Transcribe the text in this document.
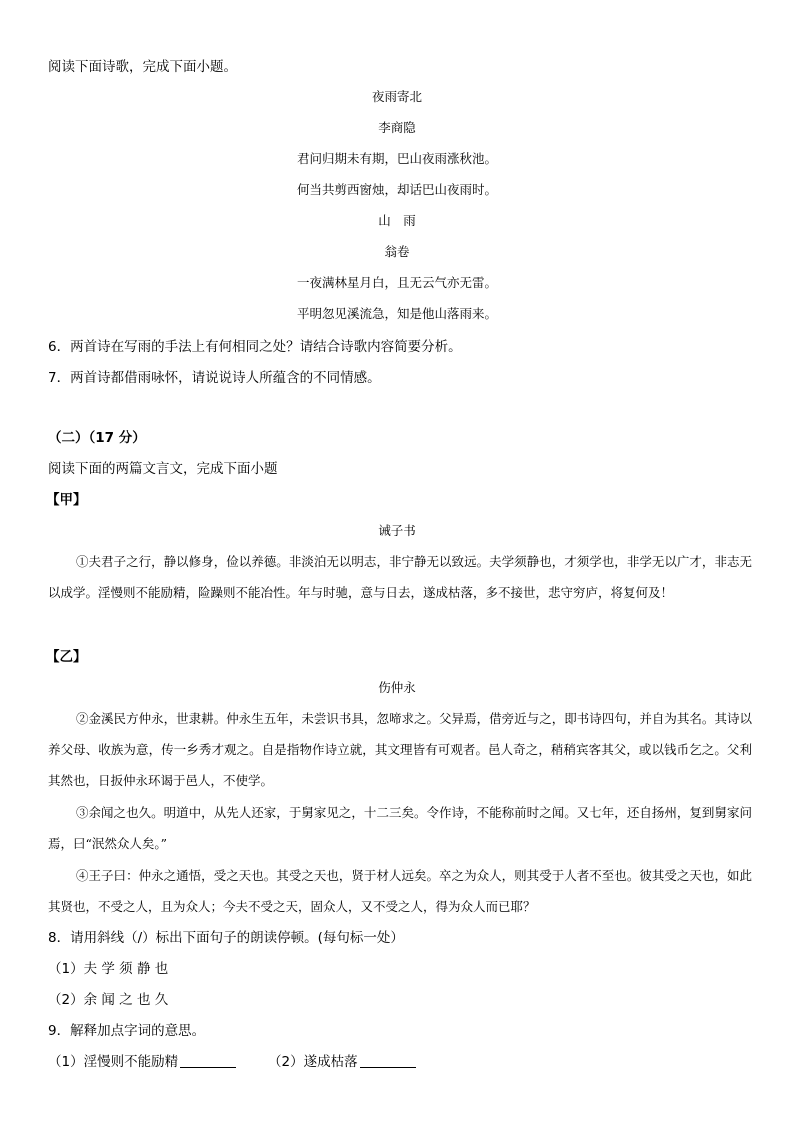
阅读下面诗歌，完成下面小题。
夜雨寄北
李商隐
君问归期未有期，巴山夜雨涨秋池。
何当共剪西窗烛，却话巴山夜雨时。
山　雨
翁卷
一夜满林星月白，且无云气亦无雷。
平明忽见溪流急，知是他山落雨来。
6．两首诗在写雨的手法上有何相同之处？请结合诗歌内容简要分析。
7．两首诗都借雨咏怀，请说说诗人所蕴含的不同情感。
（二）（17 分）
阅读下面的两篇文言文，完成下面小题
【甲】
诫子书
①夫君子之行，静以修身，俭以养德。非淡泊无以明志，非宁静无以致远。夫学须静也，才须学也，非学无以广才，非志无以成学。淫慢则不能励精，险躁则不能冶性。年与时驰，意与日去，遂成枯落，多不接世，悲守穷庐，将复何及！
【乙】
伤仲永
②金溪民方仲永，世隶耕。仲永生五年，未尝识书具，忽啼求之。父异焉，借旁近与之，即书诗四句，并自为其名。其诗以养父母、收族为意，传一乡秀才观之。自是指物作诗立就，其文理皆有可观者。邑人奇之，稍稍宾客其父，或以钱币乞之。父利其然也，日扳仲永环谒于邑人，不使学。
③余闻之也久。明道中，从先人还家，于舅家见之，十二三矣。令作诗，不能称前时之闻。又七年，还自扬州，复到舅家问焉，曰“泯然众人矣。”
④王子曰：仲永之通悟，受之天也。其受之天也，贤于材人远矣。卒之为众人，则其受于人者不至也。彼其受之天也，如此其贤也，不受之人，且为众人；今夫不受之天，固众人，又不受之人，得为众人而已耶？
8．请用斜线（/）标出下面句子的朗读停顿。(每句标一处）
（1）夫 学 须 静 也
（2）余 闻 之 也 久
9．解释加点字词的意思。
（1）淫慢则不能励精	（2）遂成枯落
